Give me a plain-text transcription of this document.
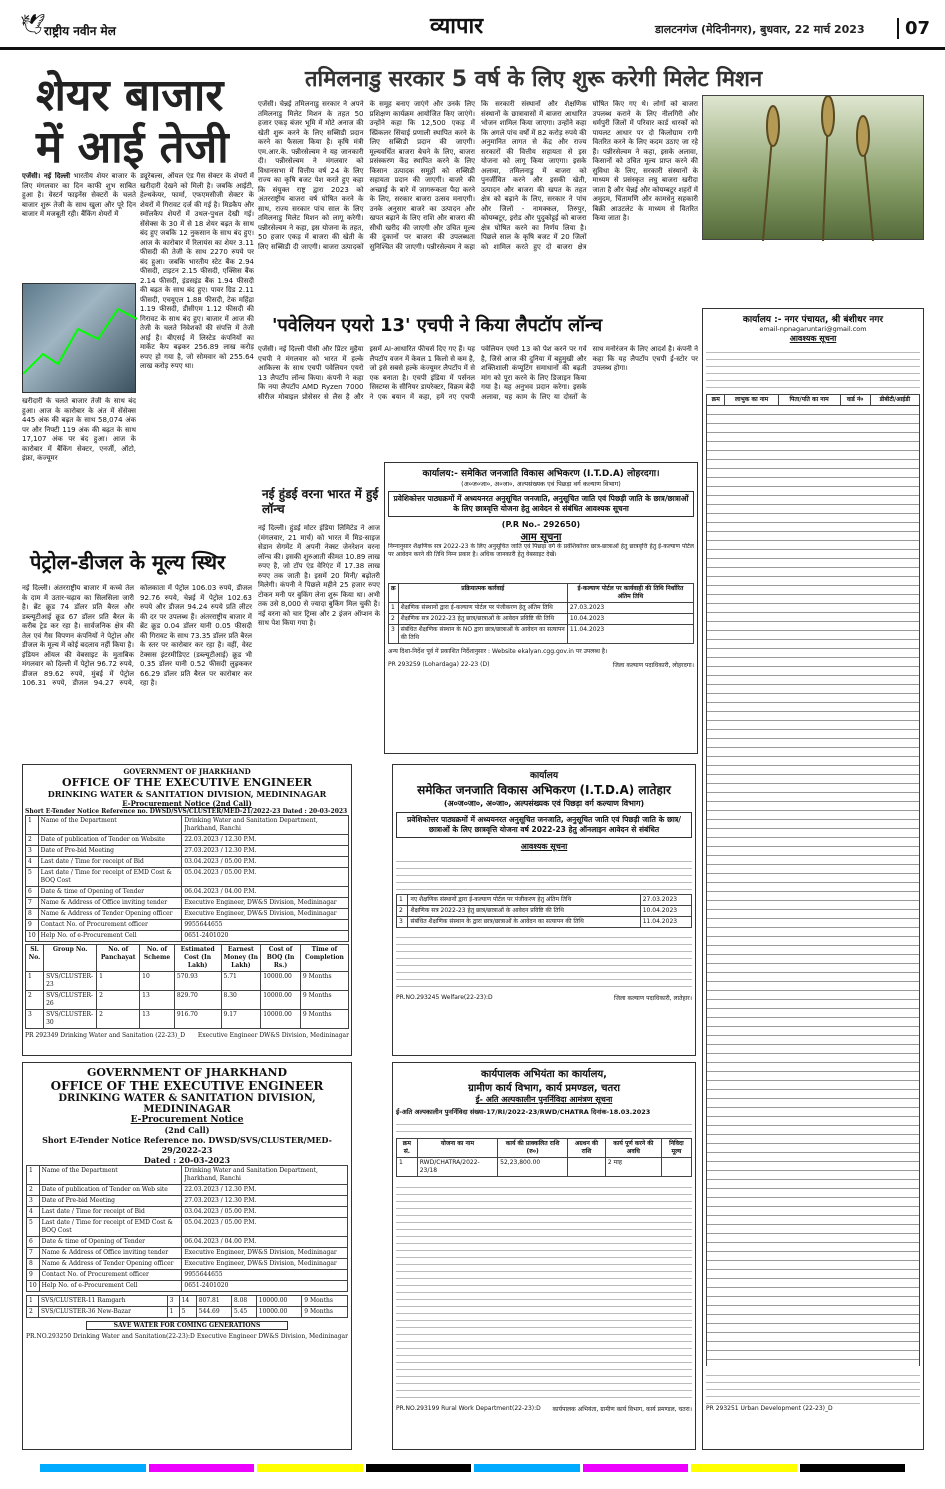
🕊
राष्ट्रीय नवीन मेल	व्यापार	डालटनगंज (मेदिनीनगर), बुधवार, 22 मार्च 2023	07
शेयर बाजार में आई तेजी
एजेंसी। नई दिल्ली भारतीय शेयर बाजार के लिए मंगलवार का दिन काफी शुभ साबित हुआ है। वेस्टर्न फाइनेंस सेक्टरों के चलते बाजार शुरू तेजी के साथ खुला और पूरे दिन बाजार में मजबूती रही। बैंकिंग शेयरों में
खरीदारी के चलते बाजार तेजी के साथ बंद हुआ। आज के कारोबार के अंत में सेंसेक्स 445 अंक की बढ़त के साथ 58,074 अंक पर और निफ्टी 119 अंक की बढ़त के साथ 17,107 अंक पर बंद हुआ। आज के कारोबार में बैंकिंग सेक्टर, एनर्जी, ऑटो, इंफ्रा, कंज्यूमर
ड्यूरेबल्स, ऑयल एंड गैस सेक्टर के शेयरों में खरीदारी देखने को मिली है। जबकि आईटी, हेल्थकेयर, फार्मा, एफएमसीजी सेक्टर के शेयरों में गिरावट दर्ज की गई है। मिडकैप और स्मॉलकैप शेयरों में उथल-पुथल देखी गई। सेंसेक्स के 30 में से 18 शेयर बढ़त के साथ बंद हुए जबकि 12 नुकसान के साथ बंद हुए। आज के कारोबार में रिलायंस का शेयर 3.11 फीसदी की तेजी के साथ 2270 रुपये पर बंद हुआ। जबकि भारतीय स्टेट बैंक 2.94 फीसदी, टाइटन 2.15 फीसदी, एक्सिस बैंक 2.14 फीसदी, इंडसइंड बैंक 1.94 फीसदी की बढ़त के साथ बंद हुए। पावर ग्रिड 2.11 फीसदी, एचयूएल 1.88 फीसदी, टेक महिंद्रा 1.19 फीसदी, डीसीएम 1.12 फीसदी की गिरावट के साथ बंद हुए। बाजार में आज की तेजी के चलते निवेशकों की संपत्ति में तेजी आई है। बीएसई में लिस्टेड कंपनियों का मार्केट कैप बढ़कर 256.89 लाख करोड़ रुपए हो गया है, जो सोमवार को 255.64 लाख करोड़ रुपए था।
पेट्रोल-डीजल के मूल्य स्थिर
नई दिल्ली। अंतरराष्ट्रीय बाजार में कच्चे तेल के दाम में उतार-चढ़ाव का सिलसिला जारी है। ब्रेंट क्रूड 74 डॉलर प्रति बैरल और डब्ल्यूटीआई क्रूड 67 डॉलर प्रति बैरल के करीब ट्रेड कर रहा है। सार्वजनिक क्षेत्र की तेल एवं गैस विपणन कंपनियों ने पेट्रोल और डीजल के मूल्य में कोई बदलाव नहीं किया है। इंडियन ऑयल की वेबसाइट के मुताबिक मंगलवार को दिल्ली में पेट्रोल 96.72 रुपये, डीजल 89.62 रुपये, मुंबई में पेट्रोल 106.31 रुपये, डीजल 94.27 रुपये, कोलकाता में पेट्रोल 106.03 रुपये, डीजल 92.76 रुपये, चेन्नई में पेट्रोल 102.63 रुपये और डीजल 94.24 रुपये प्रति लीटर की दर पर उपलब्ध हैं। अंतरराष्ट्रीय बाजार में ब्रेंट क्रूड 0.04 डॉलर यानी 0.05 फीसदी की गिरावट के साथ 73.35 डॉलर प्रति बैरल के स्तर पर कारोबार कर रहा है। वहीं, वेस्ट टेक्सस इंटरमीडिएट (डब्ल्यूटीआई) क्रूड भी 0.35 डॉलर यानी 0.52 फीसदी लुढ़ककर 66.29 डॉलर प्रति बैरल पर कारोबार कर रहा है।
तमिलनाडु सरकार 5 वर्ष के लिए शुरू करेगी मिलेट मिशन
एजेंसी। चेन्नई तमिलनाडु सरकार ने अपने तमिलनाडु मिलेट मिशन के तहत 50 हजार एकड़ बंजर भूमि में मोटे अनाज की खेती शुरू करने के लिए सब्सिडी प्रदान करने का फैसला किया है। कृषि मंत्री एम.आर.के. पन्नीरसेल्वम ने यह जानकारी दी। पन्नीरसेल्वम ने मंगलवार को विधानसभा में वित्तीय वर्ष 24 के लिए राज्य का कृषि बजट पेश करते हुए कहा कि संयुक्त राष्ट्र द्वारा 2023 को अंतरराष्ट्रीय बाजरा वर्ष घोषित करने के साथ, राज्य सरकार पांच साल के लिए तमिलनाडु मिलेट मिशन को लागू करेगी। पन्नीरसेल्वम ने कहा, इस योजना के तहत, 50 हजार एकड़ में बाजरा की खेती के लिए सब्सिडी दी जाएगी। बाजरा उत्पादकों के समूह बनाए जाएंगे और उनके लिए प्रशिक्षण कार्यक्रम आयोजित किए जाएंगे। उन्होंने कहा कि 12,500 एकड़ में स्प्रिंकलर सिंचाई प्रणाली स्थापित करने के लिए सब्सिडी प्रदान की जाएगी। मूल्यवर्धित बाजरा बेचने के लिए, बाजरा प्रसंस्करण केंद्र स्थापित करने के लिए किसान उत्पादक समूहों को सब्सिडी सहायता प्रदान की जाएगी। बाजरे की अच्छाई के बारे में जागरूकता पैदा करने के लिए, सरकार बाजरा उत्सव मनाएगी। उनके अनुसार बाजरे का उत्पादन और खपत बढ़ाने के लिए राशि और बाजरा की सीधी खरीद की जाएगी और उचित मूल्य की दुकानों पर बाजरा की उपलब्धता सुनिश्चित की जाएगी। पन्नीरसेल्वम ने कहा कि सरकारी संस्थानों और शैक्षणिक संस्थानों के छात्रावासों में बाजरा आधारित भोजन शामिल किया जाएगा। उन्होंने कहा कि अगले पांच वर्षों में 82 करोड़ रुपये की अनुमानित लागत से केंद्र और राज्य सरकारों की वित्तीय सहायता से इस योजना को लागू किया जाएगा। इसके अलावा, तमिलनाडु में बाजरा को पुनर्जीवित करने और इसकी खेती, उत्पादन और बाजरा की खपत के तहत क्षेत्र को बढ़ाने के लिए, सरकार ने पांच और जिलों - नामक्कल, तिरुपुर, कोयम्बटूर, इरोड और पुदुकोट्टई को बाजरा क्षेत्र घोषित करने का निर्णय लिया है। पिछले साल के कृषि बजट में 20 जिलों को शामिल करते हुए दो बाजरा क्षेत्र घोषित किए गए थे। लोगों को बाजरा उपलब्ध कराने के लिए नीलगिरी और धर्मपुरी जिलों में परिवार कार्ड धारकों को पायलट आधार पर दो किलोग्राम रागी वितरित करने के लिए कदम उठाए जा रहे हैं। पन्नीरसेल्वम ने कहा, इसके अलावा, किसानों को उचित मूल्य प्राप्त करने की सुविधा के लिए, सरकारी संस्थानों के माध्यम से प्रसंस्कृत लघु बाजरा खरीदा जाता है और चेन्नई और कोयम्बटूर शहरों में अमुदम, चिंतामणि और कामधेनु सहकारी बिक्री आउटलेट के माध्यम से वितरित किया जाता है।
'पवेलियन एयरो 13' एचपी ने किया लैपटॉप लॉन्च
एजेंसी। नई दिल्ली पीसी और प्रिंटर मुहैया एचपी ने मंगलवार को भारत में हल्के आकिल्स के साथ एचपी पवेलियन एयरो 13 लैपटॉप लॉन्च किया। कंपनी ने कहा कि नया लैपटॉप AMD Ryzen 7000 सीरीज मोबाइल प्रोसेसर से लैस है और इसमें AI-आधारित फीचर्स दिए गए हैं। यह लैपटॉप वजन में केवल 1 किलो से कम है, जो इसे सबसे हल्के कंज्यूमर लैपटॉप में से एक बनाता है। एचपी इंडिया में पर्सनल सिस्टम्स के सीनियर डायरेक्टर, विक्रम बेदी ने एक बयान में कहा, हमें नए एचपी पवेलियन एयरो 13 को पेश करने पर गर्व है, जिसे आज की दुनिया में बहुमुखी और शक्तिशाली कंप्यूटिंग समाधानों की बढ़ती मांग को पूरा करने के लिए डिजाइन किया गया है। यह अनुभव प्रदान करेगा। इसके अलावा, यह काम के लिए या दोस्तों के साथ मनोरंजन के लिए आदर्श है। कंपनी ने कहा कि यह लैपटॉप एचपी ई-स्टोर पर उपलब्ध होगा।
नई हुंडई वरना भारत में हुई लॉन्च
नई दिल्ली। हुंडई मोटर इंडिया लिमिटेड ने आज (मंगलवार, 21 मार्च) को भारत में मिड-साइज सेडान सेगमेंट में अपनी नेक्स्ट जेनरेशन वरना लॉन्च की। इसकी शुरुआती कीमत 10.89 लाख रुपए है, जो टॉप एंड वेरिएंट में 17.38 लाख रुपए तक जाती है। इसमें 20 मिनी/ बढ़ोतरी मिलेगी। कंपनी ने पिछले महीने 25 हजार रुपए टोकन मनी पर बुकिंग लेना शुरू किया था। अभी तक उसे 8,000 से ज्यादा बुकिंग मिल चुकी है। नई वरना को चार ट्रिम्स और 2 इंजन ऑप्शन के साथ पेश किया गया है।
कार्यालय:- समेकित जनजाति विकास अभिकरण (I.T.D.A) लोहरदगा।
(अ०ज०जा०, अ०जा०, अल्पसंख्यक एवं पिछड़ा वर्ग कल्याण विभाग)
प्रवेशिकोत्तर पाठ्यक्रमों में अध्ययनरत अनुसूचित जनजाति, अनुसूचित जाति एवं पिछड़ी जाति के छात्र/छात्राओं के लिए छात्रवृत्ति योजना हेतु आवेदन से संबंधित आवश्यक सूचना
(P.R No.- 292650)
आम सूचना
निम्नानुसार शैक्षणिक सत्र 2022-23 के लिए अनुसूचित जाति एवं पिछड़ा वर्ग के प्रवेशिकोत्तर छात्र-छात्राओं हेतु छात्रवृत्ति हेतु ई-कल्याण पोर्टल पर आवेदन करने की तिथि निम्न प्रकार है। अधिक जानकारी हेतु वेबसाइट देखें।
क्र	प्रक्रियात्मक कार्रवाई	ई-कल्याण पोर्टल पर कार्यवाही की तिथि निर्धारित अंतिम तिथि
1	शैक्षणिक संस्थानों द्वारा ई-कल्याण पोर्टल पर पंजीकरण हेतु अंतिम तिथि	27.03.2023
2	शैक्षणिक सत्र 2022-23 हेतु छात्र/छात्राओं के आवेदन प्रविष्टि की तिथि	10.04.2023
3	संबंधित शैक्षणिक संस्थान के NO द्वारा छात्र/छात्राओं के आवेदन का सत्यापन की तिथि	11.04.2023
अन्य दिशा-निर्देश पूर्व में प्रकाशित निर्देशानुसार : Website ekalyan.cgg.gov.in पर उपलब्ध है।
PR 293259 (Lohardaga) 22-23 (D)	जिला कल्याण पदाधिकारी, लोहरदगा।
GOVERNMENT OF JHARKHAND
OFFICE OF THE EXECUTIVE ENGINEER
DRINKING WATER & SANITATION DIVISION, MEDININAGAR
E-Procurement Notice (2nd Call)
Short E-Tender Notice Reference no. DWSD/SVS/CLUSTER/MED-21/2022-23 Dated : 20-03-2023
1	Name of the Department	Drinking Water and Sanitation Department, Jharkhand, Ranchi
2	Date of publication of Tender on Website	22.03.2023 / 12.30 P.M.
3	Date of Pre-bid Meeting	27.03.2023 / 12.30 P.M.
4	Last date / Time for receipt of Bid	03.04.2023 / 05.00 P.M.
5	Last date / Time for receipt of EMD Cost & BOQ Cost	05.04.2023 / 05.00 P.M.
6	Date & time of Opening of Tender	06.04.2023 / 04.00 P.M.
7	Name & Address of Office inviting tender	Executive Engineer, DW&S Division, Medininagar
8	Name & Address of Tender Opening officer	Executive Engineer, DW&S Division, Medininagar
9	Contact No. of Procurement officer	9955644655
10	Help No. of e-Procurement Cell	0651-2401020
Sl. No.	Group No.	No. of Panchayat	No. of Scheme	Estimated Cost (In Lakh)	Earnest Money (In Lakh)	Cost of BOQ (In Rs.)	Time of Completion
1	SVS/CLUSTER-23	1	10	570.93	5.71	10000.00	9 Months
2	SVS/CLUSTER-26	2	13	829.70	8.30	10000.00	9 Months
3	SVS/CLUSTER-30	2	13	916.70	9.17	10000.00	9 Months
PR 292349 Drinking Water and Sanitation (22-23)_D Executive Engineer DW&S Division, Medininagar
कार्यालय
समेकित जनजाति विकास अभिकरण (I.T.D.A) लातेहार
(अ०ज०जा०, अ०जा०, अल्पसंख्यक एवं पिछड़ा वर्ग कल्याण विभाग)
प्रवेशिकोत्तर पाठ्यक्रमों में अध्ययनरत अनुसूचित जनजाति, अनुसूचित जाति एवं पिछड़ी जाति के छात्र/छात्राओं के लिए छात्रवृत्ति योजना वर्ष 2022-23 हेतु ऑनलाइन आवेदन से संबंधित
आवश्यक सूचना
1	नए शैक्षणिक संस्थानों द्वारा ई-कल्याण पोर्टल पर पंजीकरण हेतु अंतिम तिथि	27.03.2023
2	शैक्षणिक सत्र 2022-23 हेतु छात्र/छात्राओं के आवेदन प्रविष्टि की तिथि	10.04.2023
3	संबंधित शैक्षणिक संस्थान के द्वारा छात्र/छात्राओं के आवेदन का सत्यापन की तिथि	11.04.2023
PR.NO.293245 Welfare(22-23):D	जिला कल्याण पदाधिकारी, लातेहार।
GOVERNMENT OF JHARKHAND
OFFICE OF THE EXECUTIVE ENGINEER
DRINKING WATER & SANITATION DIVISION, MEDININAGAR
E-Procurement Notice
(2nd Call)
Short E-Tender Notice Reference no. DWSD/SVS/CLUSTER/MED-29/2022-23
Dated : 20-03-2023
1	Name of the Department	Drinking Water and Sanitation Department, Jharkhand, Ranchi
2	Date of publication of Tender on Web site	22.03.2023 / 12.30 P.M.
3	Date of Pre-bid Meeting	27.03.2023 / 12.30 P.M.
4	Last date / Time for receipt of Bid	03.04.2023 / 05.00 P.M.
5	Last date / Time for receipt of EMD Cost & BOQ Cost	05.04.2023 / 05.00 P.M.
6	Date & time of Opening of Tender	06.04.2023 / 04.00 P.M.
7	Name & Address of Office inviting tender	Executive Engineer, DW&S Division, Medininagar
8	Name & Address of Tender Opening officer	Executive Engineer, DW&S Division, Medininagar
9	Contact No. of Procurement officer	9955644655
10	Help No. of e-Procurement Cell	0651-2401020
1	SVS/CLUSTER-11 Ramgarh	3	14	807.81	8.08	10000.00	9 Months
2	SVS/CLUSTER-36 New-Bazar	1	5	544.69	5.45	10000.00	9 Months
SAVE WATER FOR COMING GENERATIONS
PR.NO.293250 Drinking Water and Sanitation(22-23):D Executive Engineer DW&S Division, Medininagar
कार्यपालक अभियंता का कार्यालय,
ग्रामीण कार्य विभाग, कार्य प्रमण्डल, चतरा
ई- अति अल्पकालीन पुनर्निविदा आमंत्रण सूचना
ई-अति अल्पकालीन पुनर्निविदा संख्या-17/RI/2022-23/RWD/CHATRA दिनांक-18.03.2023
क्रम सं.	योजना का नाम	कार्य की प्राक्कलित राशि (रु०)	अग्रधन की राशि	कार्य पूर्ण करने की अवधि	निविदा मूल्य
1	RWD/CHATRA/2022-23/18	52,23,800.00		2 माह	
PR.NO.293199 Rural Work Department(22-23):D	कार्यपालक अभियंता, ग्रामीण कार्य विभाग, कार्य प्रमण्डल, चतरा।
कार्यालय :- नगर पंचायत, श्री बंशीधर नगर
email-npnagaruntari@gmail.com
आवश्यक सूचना
क्रम	लाभुक का नाम	पिता/पति का नाम	वार्ड नं०	डीबीटी/आईडी
PR 293251 Urban Development (22-23)_D
